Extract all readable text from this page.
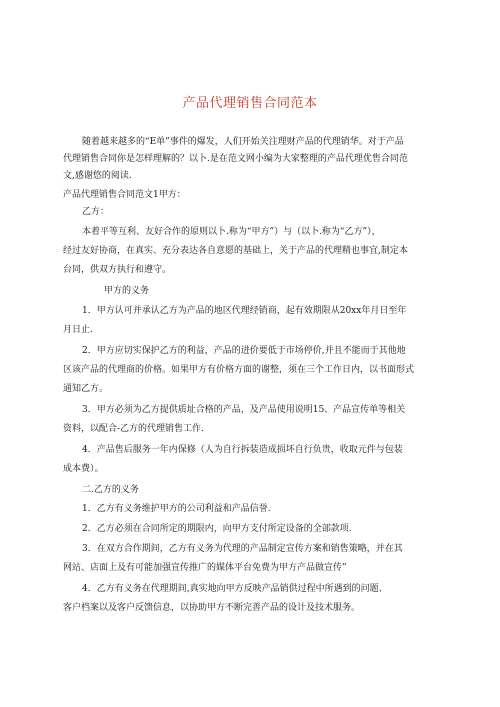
产品代理销售合同范本
随着越来越多的“E单”事件的爆发，人们开始关注理财产品的代理销华。对于产品
代理销售合同你是怎样理解的？以卜.是在范文网小编为大家整理的产品代理优售合同范
文,感谢悠的阅读.
产品代理销售合同范文1甲方：
乙方：
本着平等互利、友好合作的原则以卜.称为“甲方”）与（以卜.称为“乙方”），
经过友好协商，在真实、充分表达各自意愿的基础上，关于产品的代理精也事宜,制定本
台同，供双方执行和遵守。
甲方的义务
1．甲方认可并承认乙方为产品的地区代理经销商，起有效期限从20xx年月日至年
月日止.
2．甲方应切实保护乙方的利益，产品的进价要低于市场停价,并且不能而于其他地
区该产品的代理商的价格。如果甲方有价格方面的谢整，须在三个工作日内，以书面形式
通知乙方。
3．甲方必须为乙方提供质址合格的产品，及产品使用说明15、产品宣传单等相关
资料，以配合-乙方的代理销售工作.
4．产品售后服务一年内保修（人为自行拆装造成损坏自行负贵，收取元件与包装
成本费）。
二.乙方的义务
1．乙方有义务维护甲方的公司利益和产品信誉.
2．乙方必须在合同所定的期限内，向甲方支付所定设备的全部款项.
3．在双方合作期间，乙方有义务为代理的产品制定宣传方案和销售策略，并在其
网站、店面上及有可能加强宣传推广的媒体平台免费为甲方产品做宣传”
4．乙方有义务在代理期间,真实地向甲方反映产品销供过程中所遇到的问题、
客户档案以及客户反馈信息，以协助甲方不断完善产品的设计及技术服务。
